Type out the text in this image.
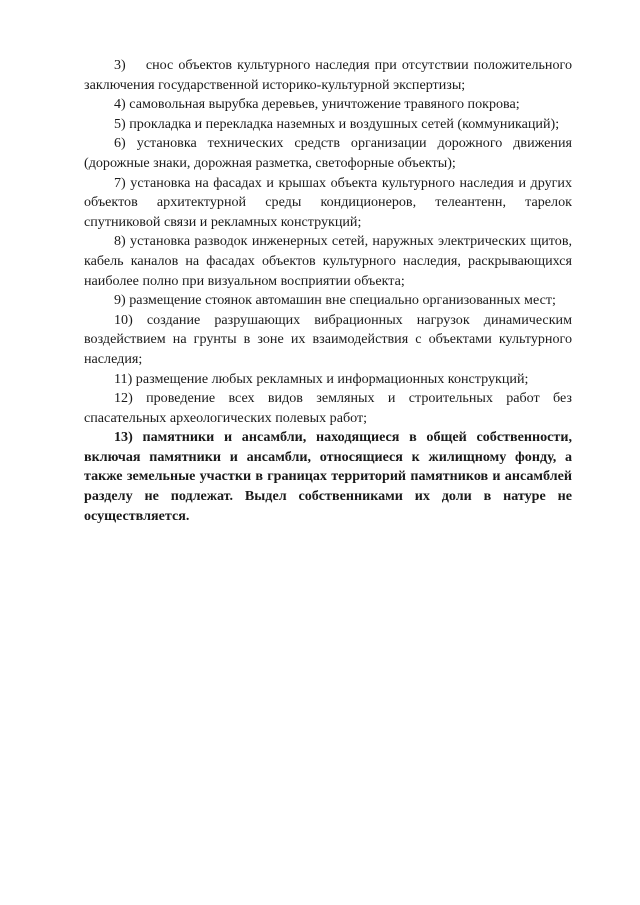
3)    снос объектов культурного наследия при отсутствии положительного заключения государственной историко-культурной экспертизы;

4) самовольная вырубка деревьев, уничтожение травяного покрова;

5) прокладка и перекладка наземных и воздушных сетей (коммуникаций);

6) установка технических средств организации дорожного движения (дорожные знаки, дорожная разметка, светофорные объекты);

7) установка на фасадах и крышах объекта культурного наследия и других объектов архитектурной среды кондиционеров, телеантенн, тарелок спутниковой связи и рекламных конструкций;

8) установка разводок инженерных сетей, наружных электрических щитов, кабель каналов на фасадах объектов культурного наследия, раскрывающихся наиболее полно при визуальном восприятии объекта;

9) размещение стоянок автомашин вне специально организованных мест;

10) создание разрушающих вибрационных нагрузок динамическим воздействием на грунты в зоне их взаимодействия с объектами культурного наследия;

11) размещение любых рекламных и информационных конструкций;

12) проведение всех видов земляных и строительных работ без спасательных археологических полевых работ;

13) памятники и ансамбли, находящиеся в общей собственности, включая памятники и ансамбли, относящиеся к жилищному фонду, а также земельные участки в границах территорий памятников и ансамблей разделу не подлежат. Выдел собственниками их доли в натуре не осуществляется.
